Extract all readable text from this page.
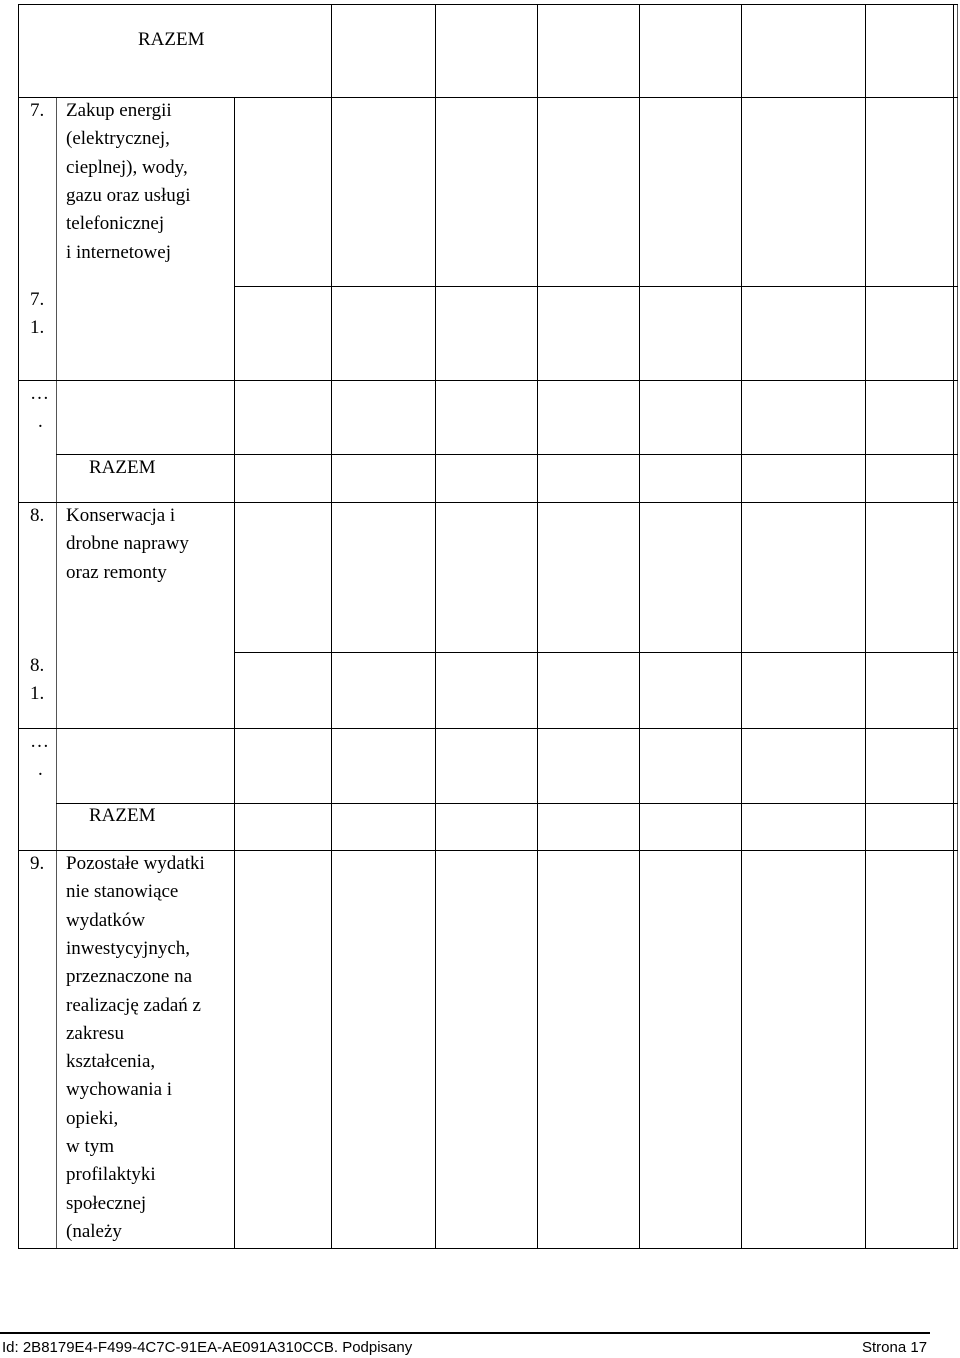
RAZEM
7. Zakup energii
(elektrycznej,
cieplnej), wody,
gazu oraz usługi
telefonicznej
i internetowej
7.
1.
…
.
RAZEM
8. Konserwacja i
drobne naprawy
oraz remonty
8.
1.
…
.
RAZEM
9. Pozostałe wydatki
nie stanowiące
wydatków
inwestycyjnych,
przeznaczone na
realizację zadań z
zakresu
kształcenia,
wychowania i
opieki,
w tym
profilaktyki
społecznej
(należy
Id: 2B8179E4-F499-4C7C-91EA-AE091A310CCB. Podpisany	Strona 17
